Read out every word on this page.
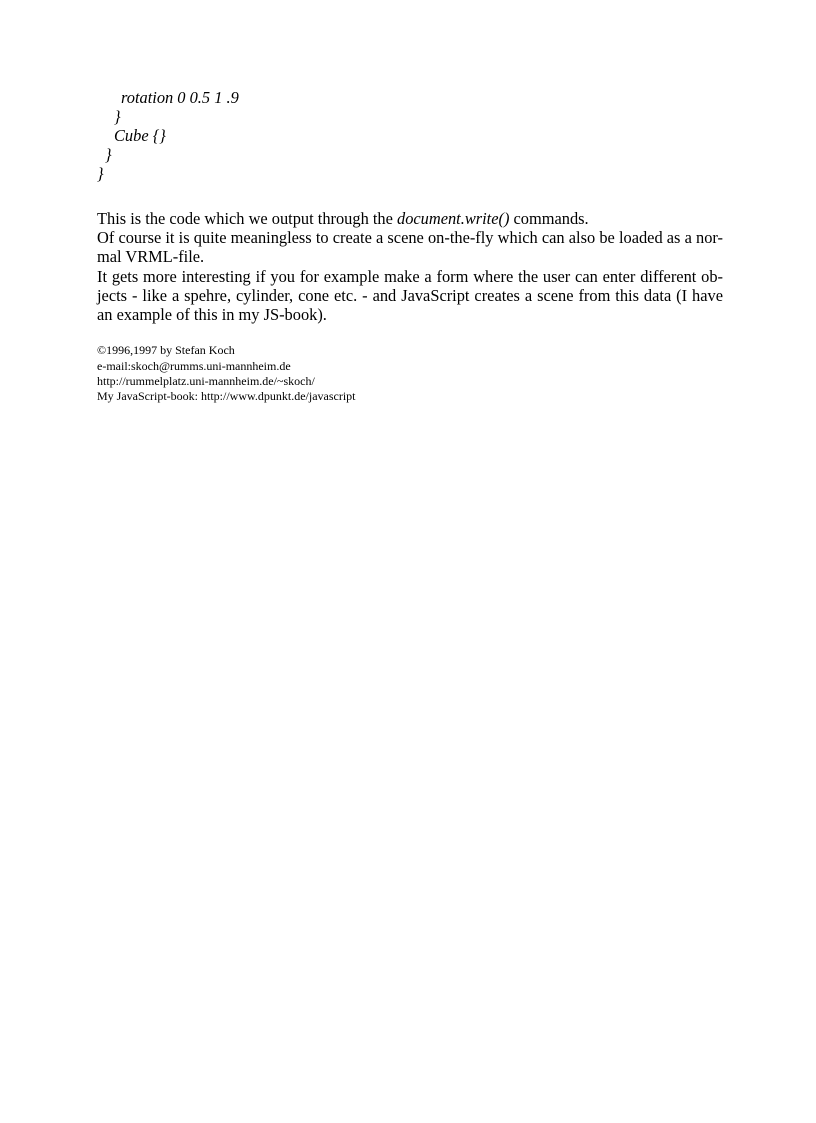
rotation 0 0.5 1 .9
}
Cube {}
}
}

This is the code which we output through the document.write() commands.

Of course it is quite meaningless to create a scene on-the-fly which can also be loaded as a nor-mal VRML-file.

It gets more interesting if you for example make a form where the user can enter different ob-jects - like a spehre, cylinder, cone etc. - and JavaScript creates a scene from this data (I have an example of this in my JS-book).

©1996,1997 by Stefan Koch
e-mail:skoch@rumms.uni-mannheim.de
http://rummelplatz.uni-mannheim.de/~skoch/
My JavaScript-book: http://www.dpunkt.de/javascript
